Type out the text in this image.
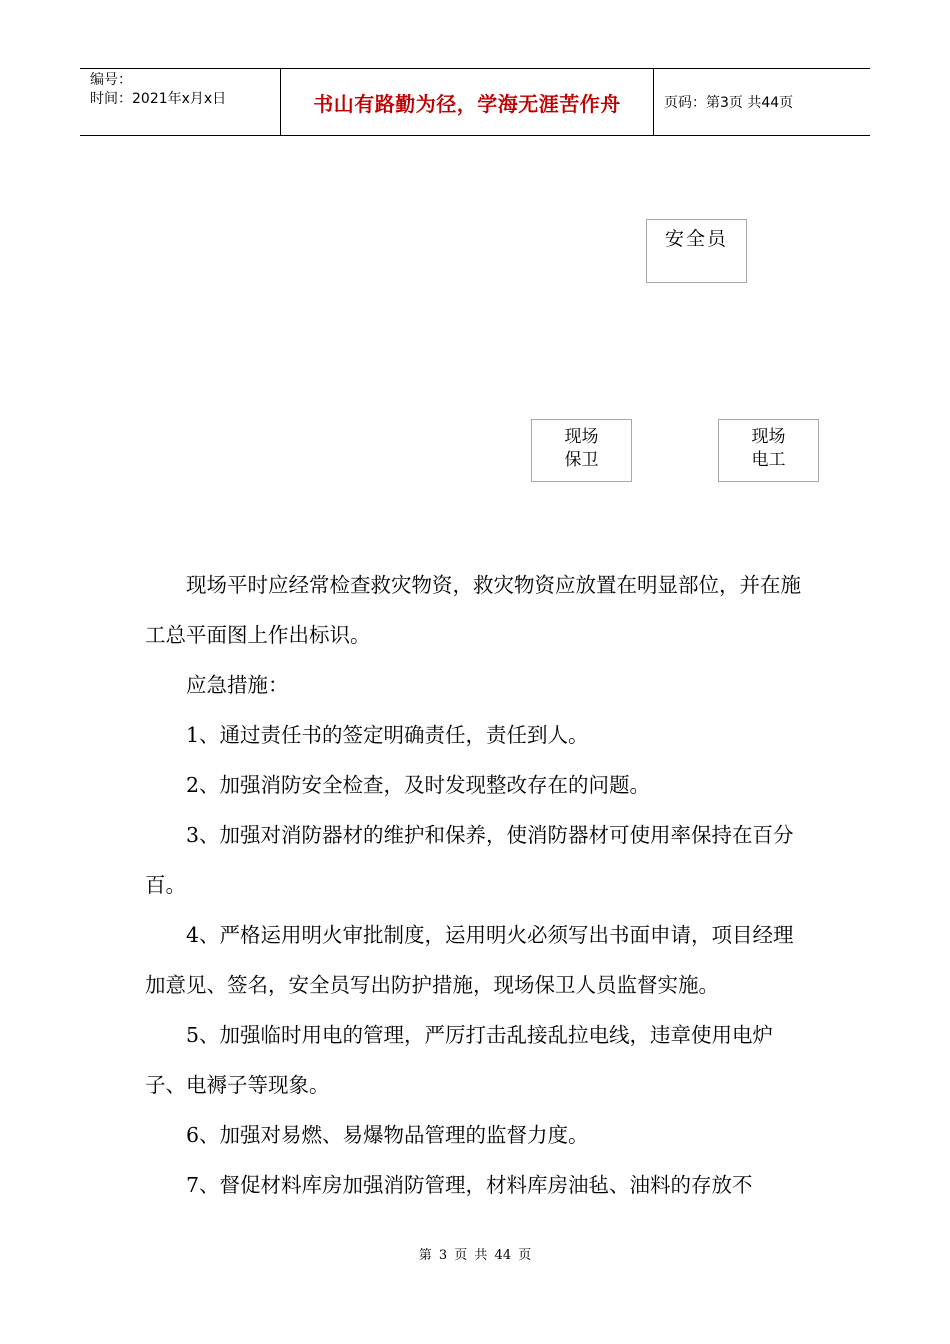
编号：
时间：2021年x月x日	书山有路勤为径，学海无涯苦作舟	页码：第3页 共44页
安全员
现场
保卫
现场
电工

现场平时应经常检查救灾物资，救灾物资应放置在明显部位，并在施工总平面图上作出标识。

应急措施：

1、通过责任书的签定明确责任，责任到人。

2、加强消防安全检查，及时发现整改存在的问题。

3、加强对消防器材的维护和保养，使消防器材可使用率保持在百分百。

4、严格运用明火审批制度，运用明火必须写出书面申请，项目经理加意见、签名，安全员写出防护措施，现场保卫人员监督实施。

5、加强临时用电的管理，严厉打击乱接乱拉电线，违章使用电炉子、电褥子等现象。

6、加强对易燃、易爆物品管理的监督力度。

7、督促材料库房加强消防管理，材料库房油毡、油料的存放不

第 3 页 共 44 页
